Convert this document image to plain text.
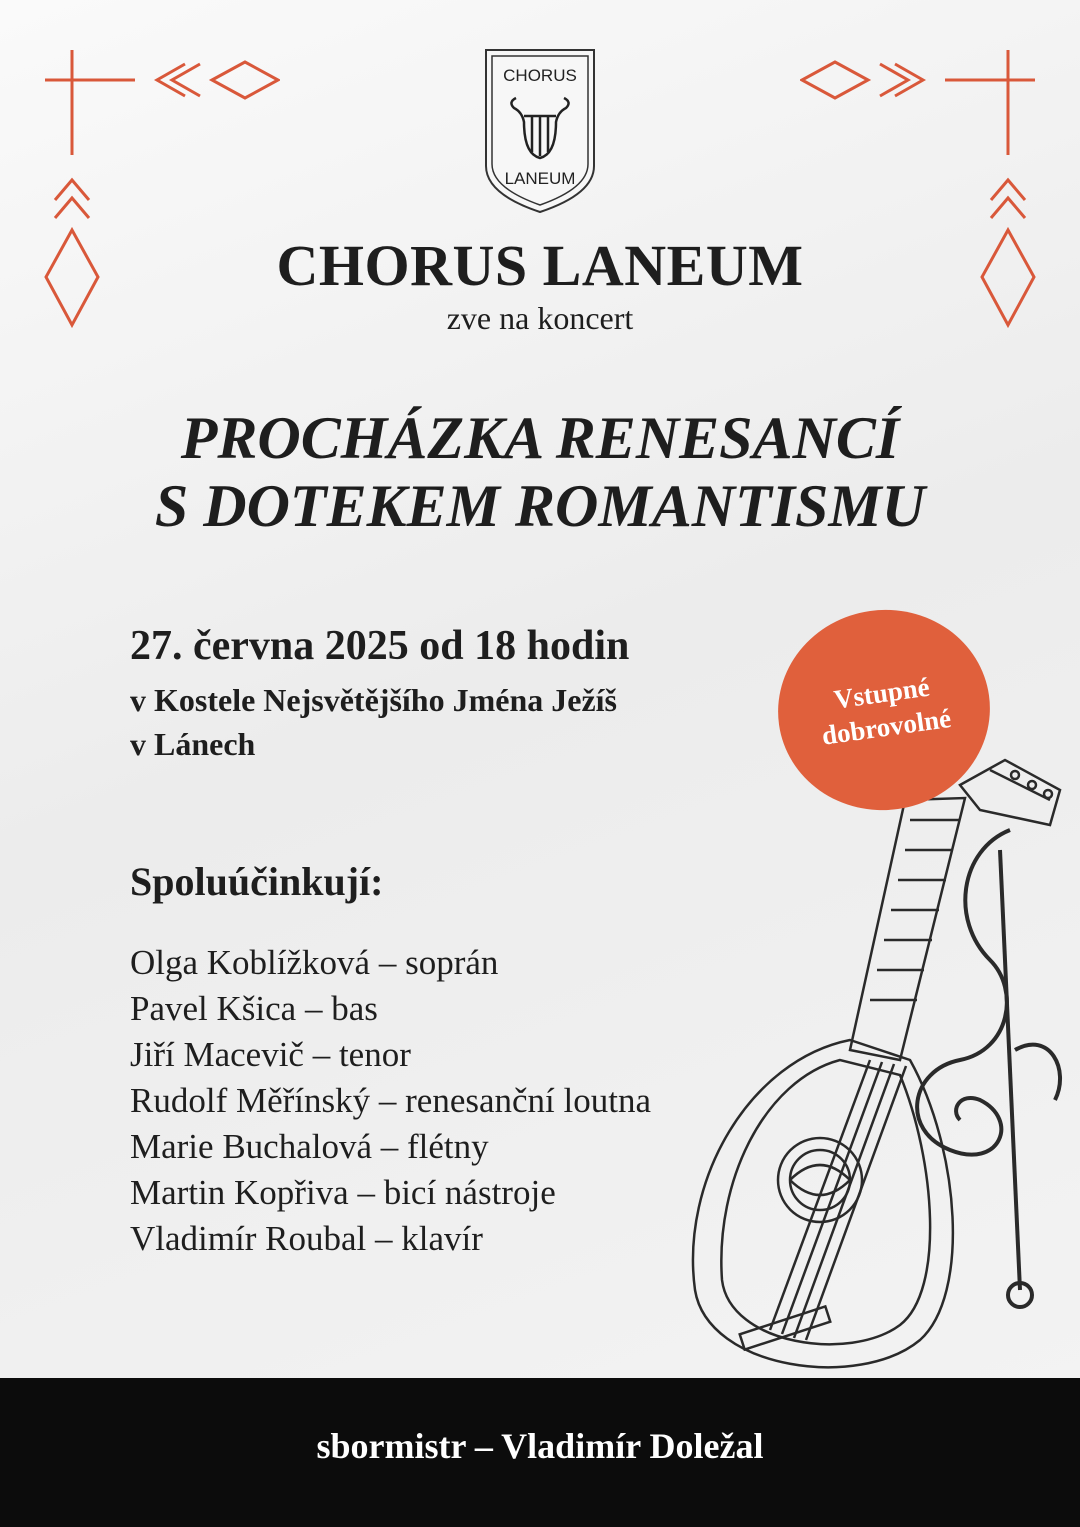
CHORUS
LANEUM
CHORUS LANEUM
zve na koncert
PROCHÁZKA RENESANCÍ
S DOTEKEM ROMANTISMU
27. června 2025 od 18 hodin
v Kostele Nejsvětějšího Jména Ježíš
v Lánech
Vstupné
dobrovolné
Spoluúčinkují:
Olga Koblížková – soprán
Pavel Kšica – bas
Jiří Macevič – tenor
Rudolf Měřínský – renesanční loutna
Marie Buchalová – flétny
Martin Kopřiva – bicí nástroje
Vladimír Roubal – klavír
sbormistr – Vladimír Doležal
